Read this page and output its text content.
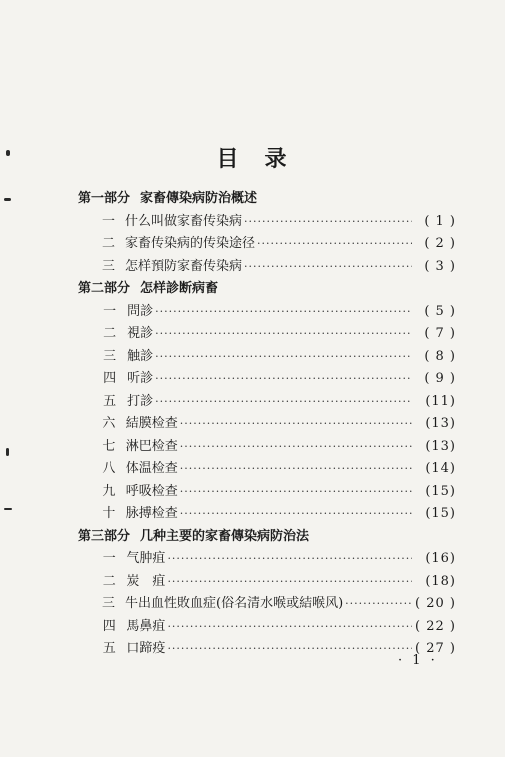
目 录
第一部分 家畜傳染病防治概述
一 什么叫做家畜传染病 ·····	( 1 )
二 家畜传染病的传染途径 ·····	( 2 )
三 怎样預防家畜传染病 ·····	( 3 )
第二部分 怎样診断病畜
一 問診 ·····	( 5 )
二 視診 ·····	( 7 )
三 触診 ·····	( 8 )
四 听診 ·····	( 9 )
五 打診 ·····	(11)
六 結膜检查 ·····	(13)
七 淋巴检查 ·····	(13)
八 体温检查 ·····	(14)
九 呼吸检查 ·····	(15)
十 脉搏检查 ·····	(15)
第三部分 几种主要的家畜傳染病防治法
一 气肿疽 ·····	(16)
二 炭　疽 ·····	(18)
三 牛出血性敗血症(俗名清水喉或結喉风) ·····	( 20 )
四 馬鼻疽 ·····	( 22 )
五 口蹄疫 ·····	( 27 )
· 1 ·
